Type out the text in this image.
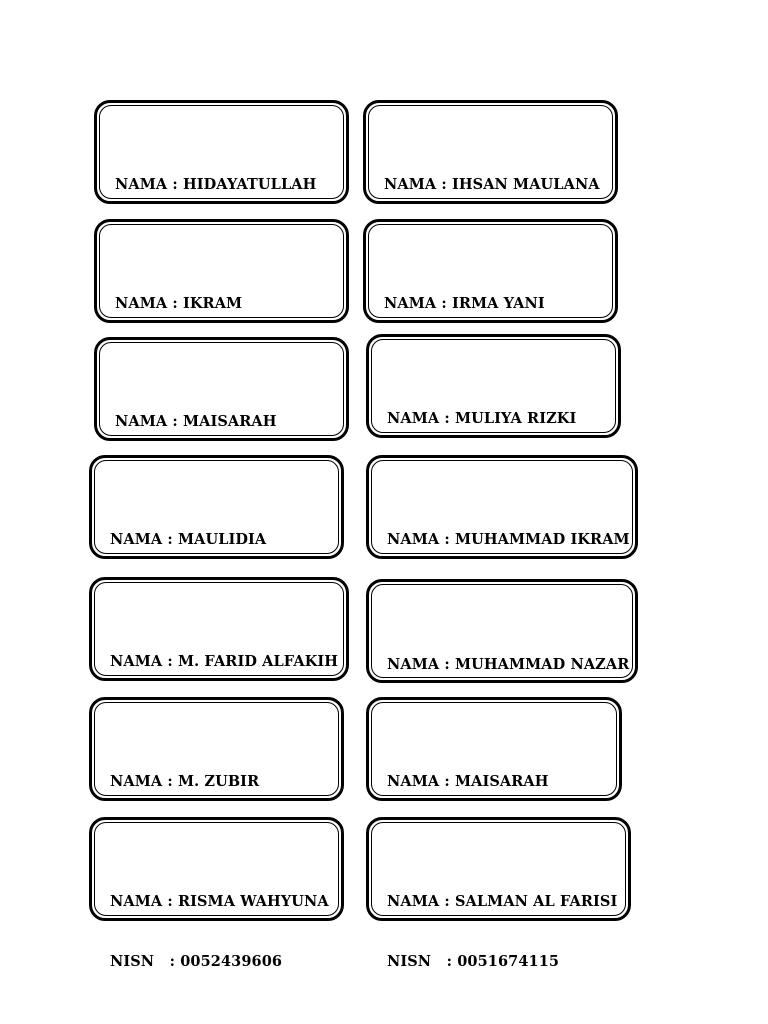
NAMA : HIDAYATULLAH

	NAMA : IHSAN MAULANA

NAMA : IKRAM

	NAMA : IRMA YANI

NAMA : MAISARAH

	NAMA : MULIYA RIZKI

NAMA : MAULIDIA

	NAMA : MUHAMMAD IKRAM

NAMA : M. FARID ALFAKIH

	NAMA : MUHAMMAD NAZAR

NAMA : M. ZUBIR

	NAMA : MAISARAH

NAMA : RISMA WAHYUNA

NISN   : 0052439606

NAMA : SALMAN AL FARISI

NISN   : 0051674115
